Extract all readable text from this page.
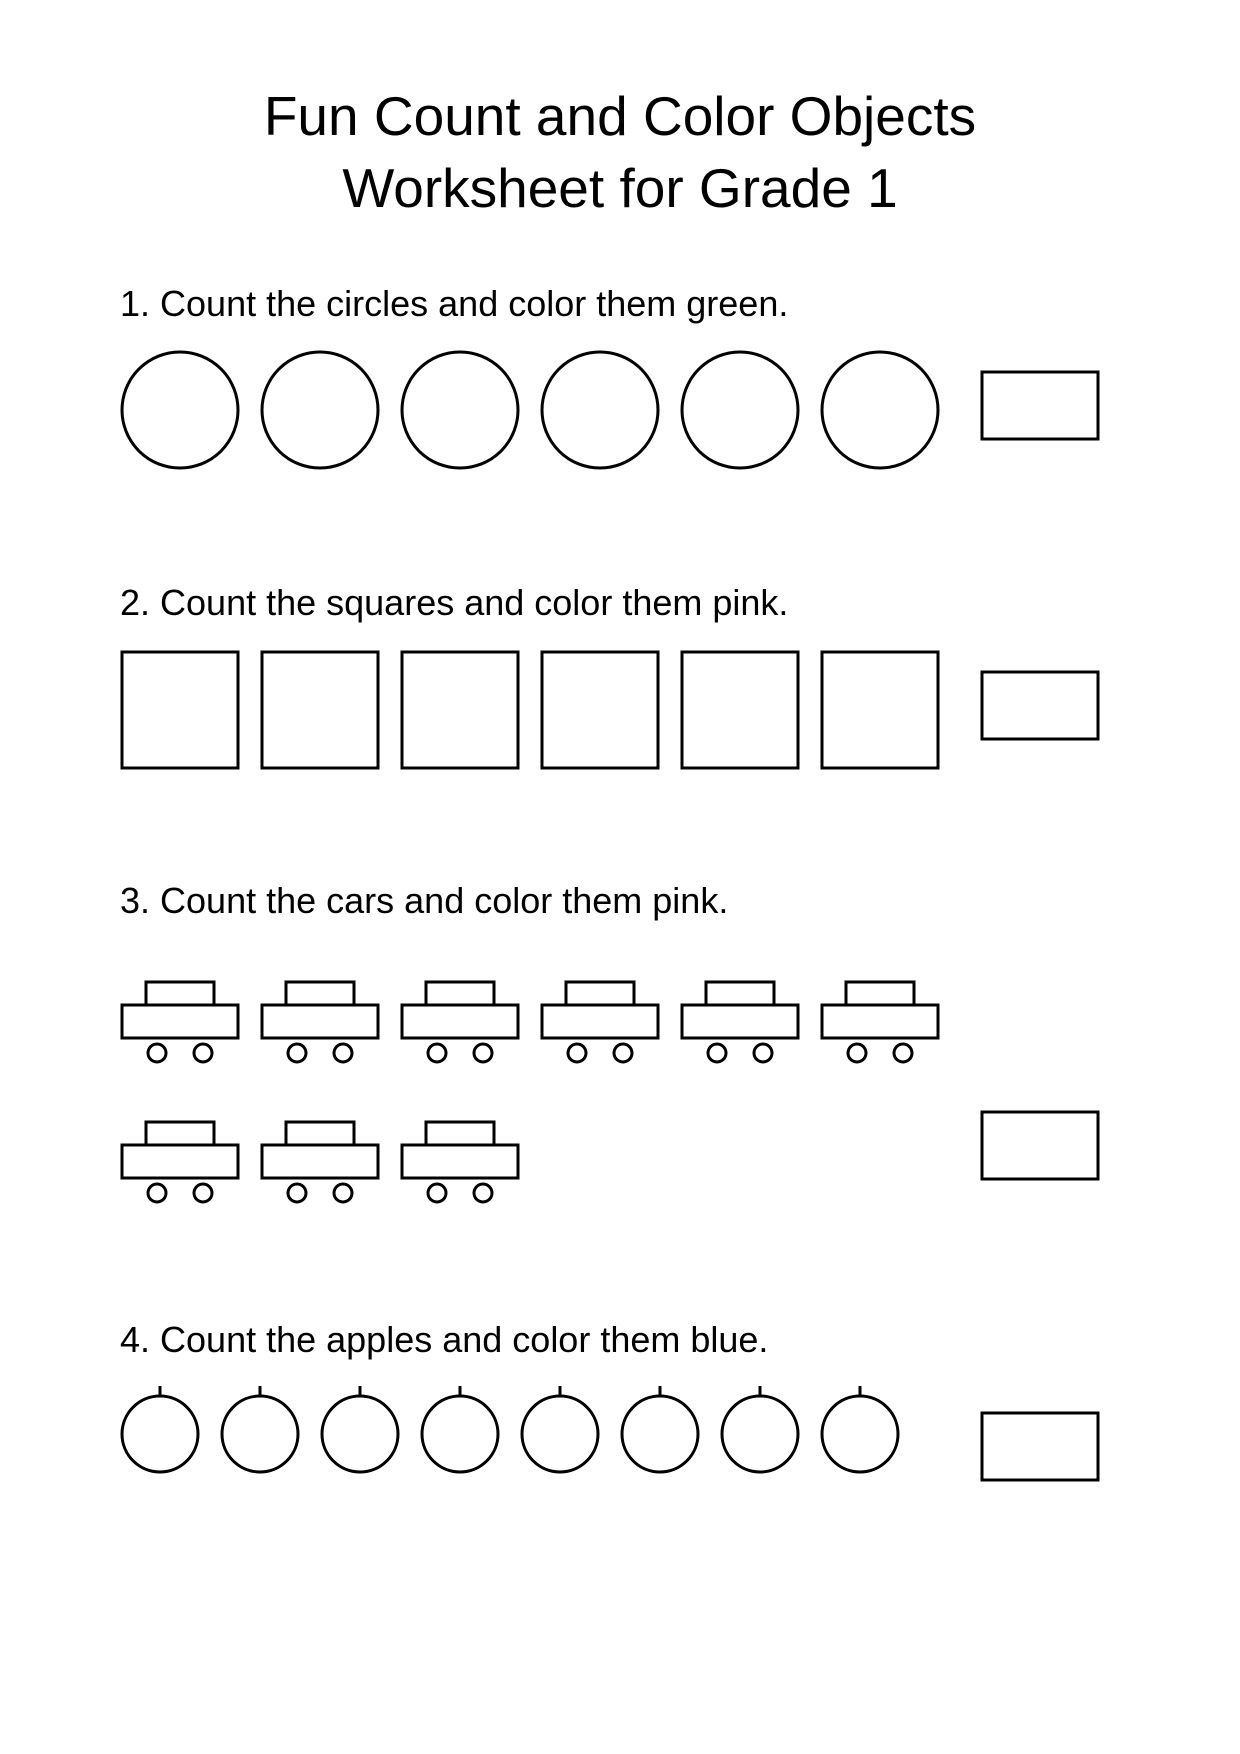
Fun Count and Color Objects
Worksheet for Grade 1

1. Count the circles and color them green.

2. Count the squares and color them pink.

3. Count the cars and color them pink.

4. Count the apples and color them blue.
